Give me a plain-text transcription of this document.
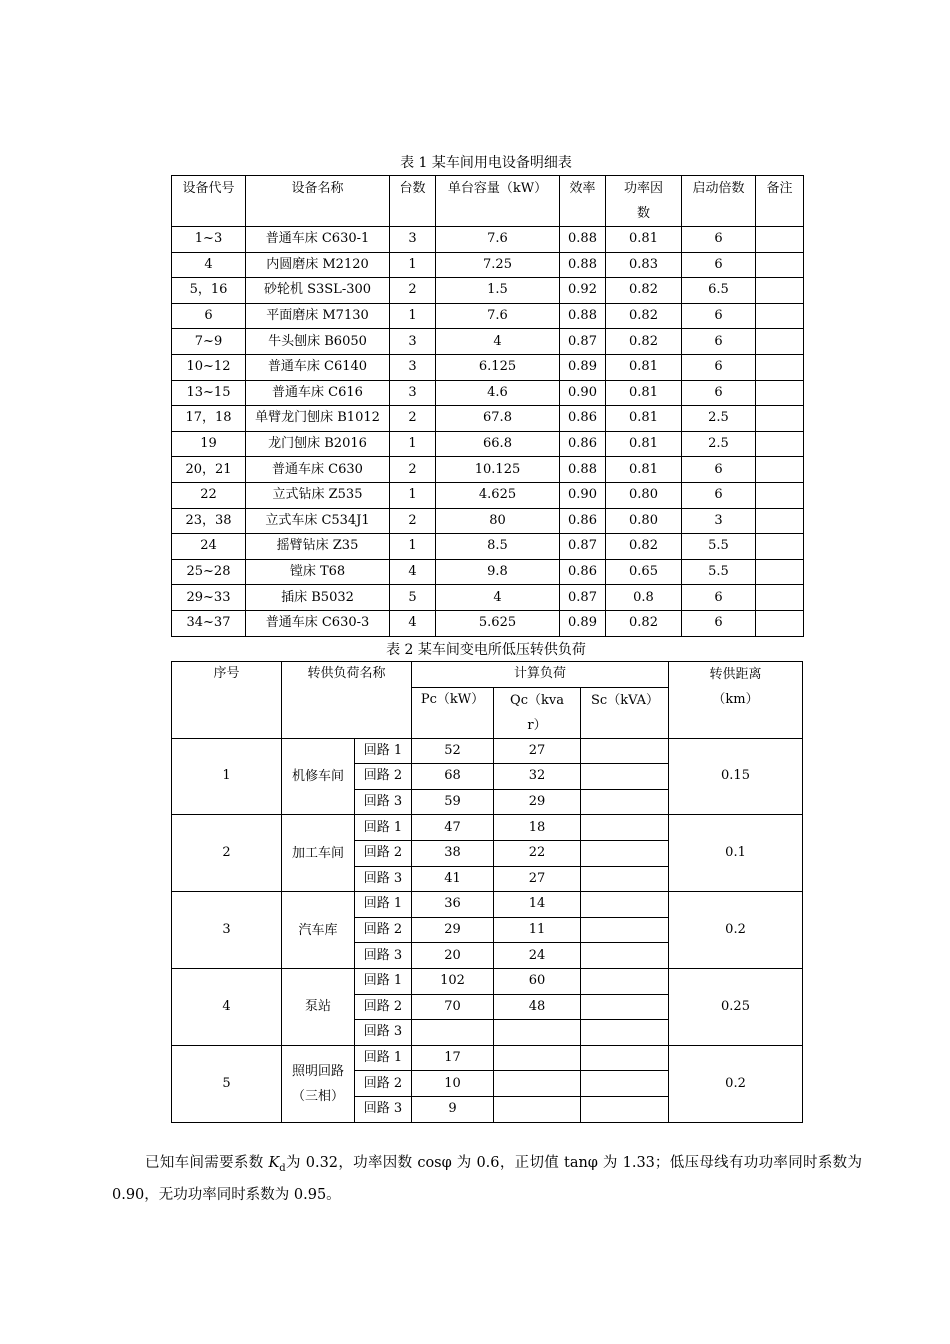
表 1 某车间用电设备明细表
设备代号	设备名称	台数	单台容量（kW）	效率	功率因数	启动倍数	备注
1~3	普通车床 C630-1	3	7.6	0.88	0.81	6	
4	内圆磨床 M2120	1	7.25	0.88	0.83	6	
5，16	砂轮机 S3SL-300	2	1.5	0.92	0.82	6.5	
6	平面磨床 M7130	1	7.6	0.88	0.82	6	
7~9	牛头刨床 B6050	3	4	0.87	0.82	6	
10~12	普通车床 C6140	3	6.125	0.89	0.81	6	
13~15	普通车床 C616	3	4.6	0.90	0.81	6	
17，18	单臂龙门刨床 B1012	2	67.8	0.86	0.81	2.5	
19	龙门刨床 B2016	1	66.8	0.86	0.81	2.5	
20，21	普通车床 C630	2	10.125	0.88	0.81	6	
22	立式钻床 Z535	1	4.625	0.90	0.80	6	
23，38	立式车床 C534J1	2	80	0.86	0.80	3	
24	摇臂钻床 Z35	1	8.5	0.87	0.82	5.5	
25~28	镗床 T68	4	9.8	0.86	0.65	5.5	
29~33	插床 B5032	5	4	0.87	0.8	6	
34~37	普通车床 C630-3	4	5.625	0.89	0.82	6	
表 2 某车间变电所低压转供负荷
序号	转供负荷名称		计算负荷			转供距离（km）
			Pc（kW）	Qc（kvar）	Sc（kVA）	

1	机修车间	回路 1	52	27		0.15
		回路 2	68	32		
		回路 3	59	29		
2	加工车间	回路 1	47	18		0.1
		回路 2	38	22		
		回路 3	41	27		
3	汽车库	回路 1	36	14		0.2
		回路 2	29	11		
		回路 3	20	24		
4	泵站	回路 1	102	60		0.25
		回路 2	70	48		
		回路 3				
5	照明回路（三相）	回路 1	17			0.2
		回路 2	10			
		回路 3	9			
已知车间需要系数 $K_d$为 0.32，功率因数 cosφ 为 0.6，正切值 tanφ 为 1.33；低压母线有功功率同时系数为 0.90，无功功率同时系数为 0.95。
